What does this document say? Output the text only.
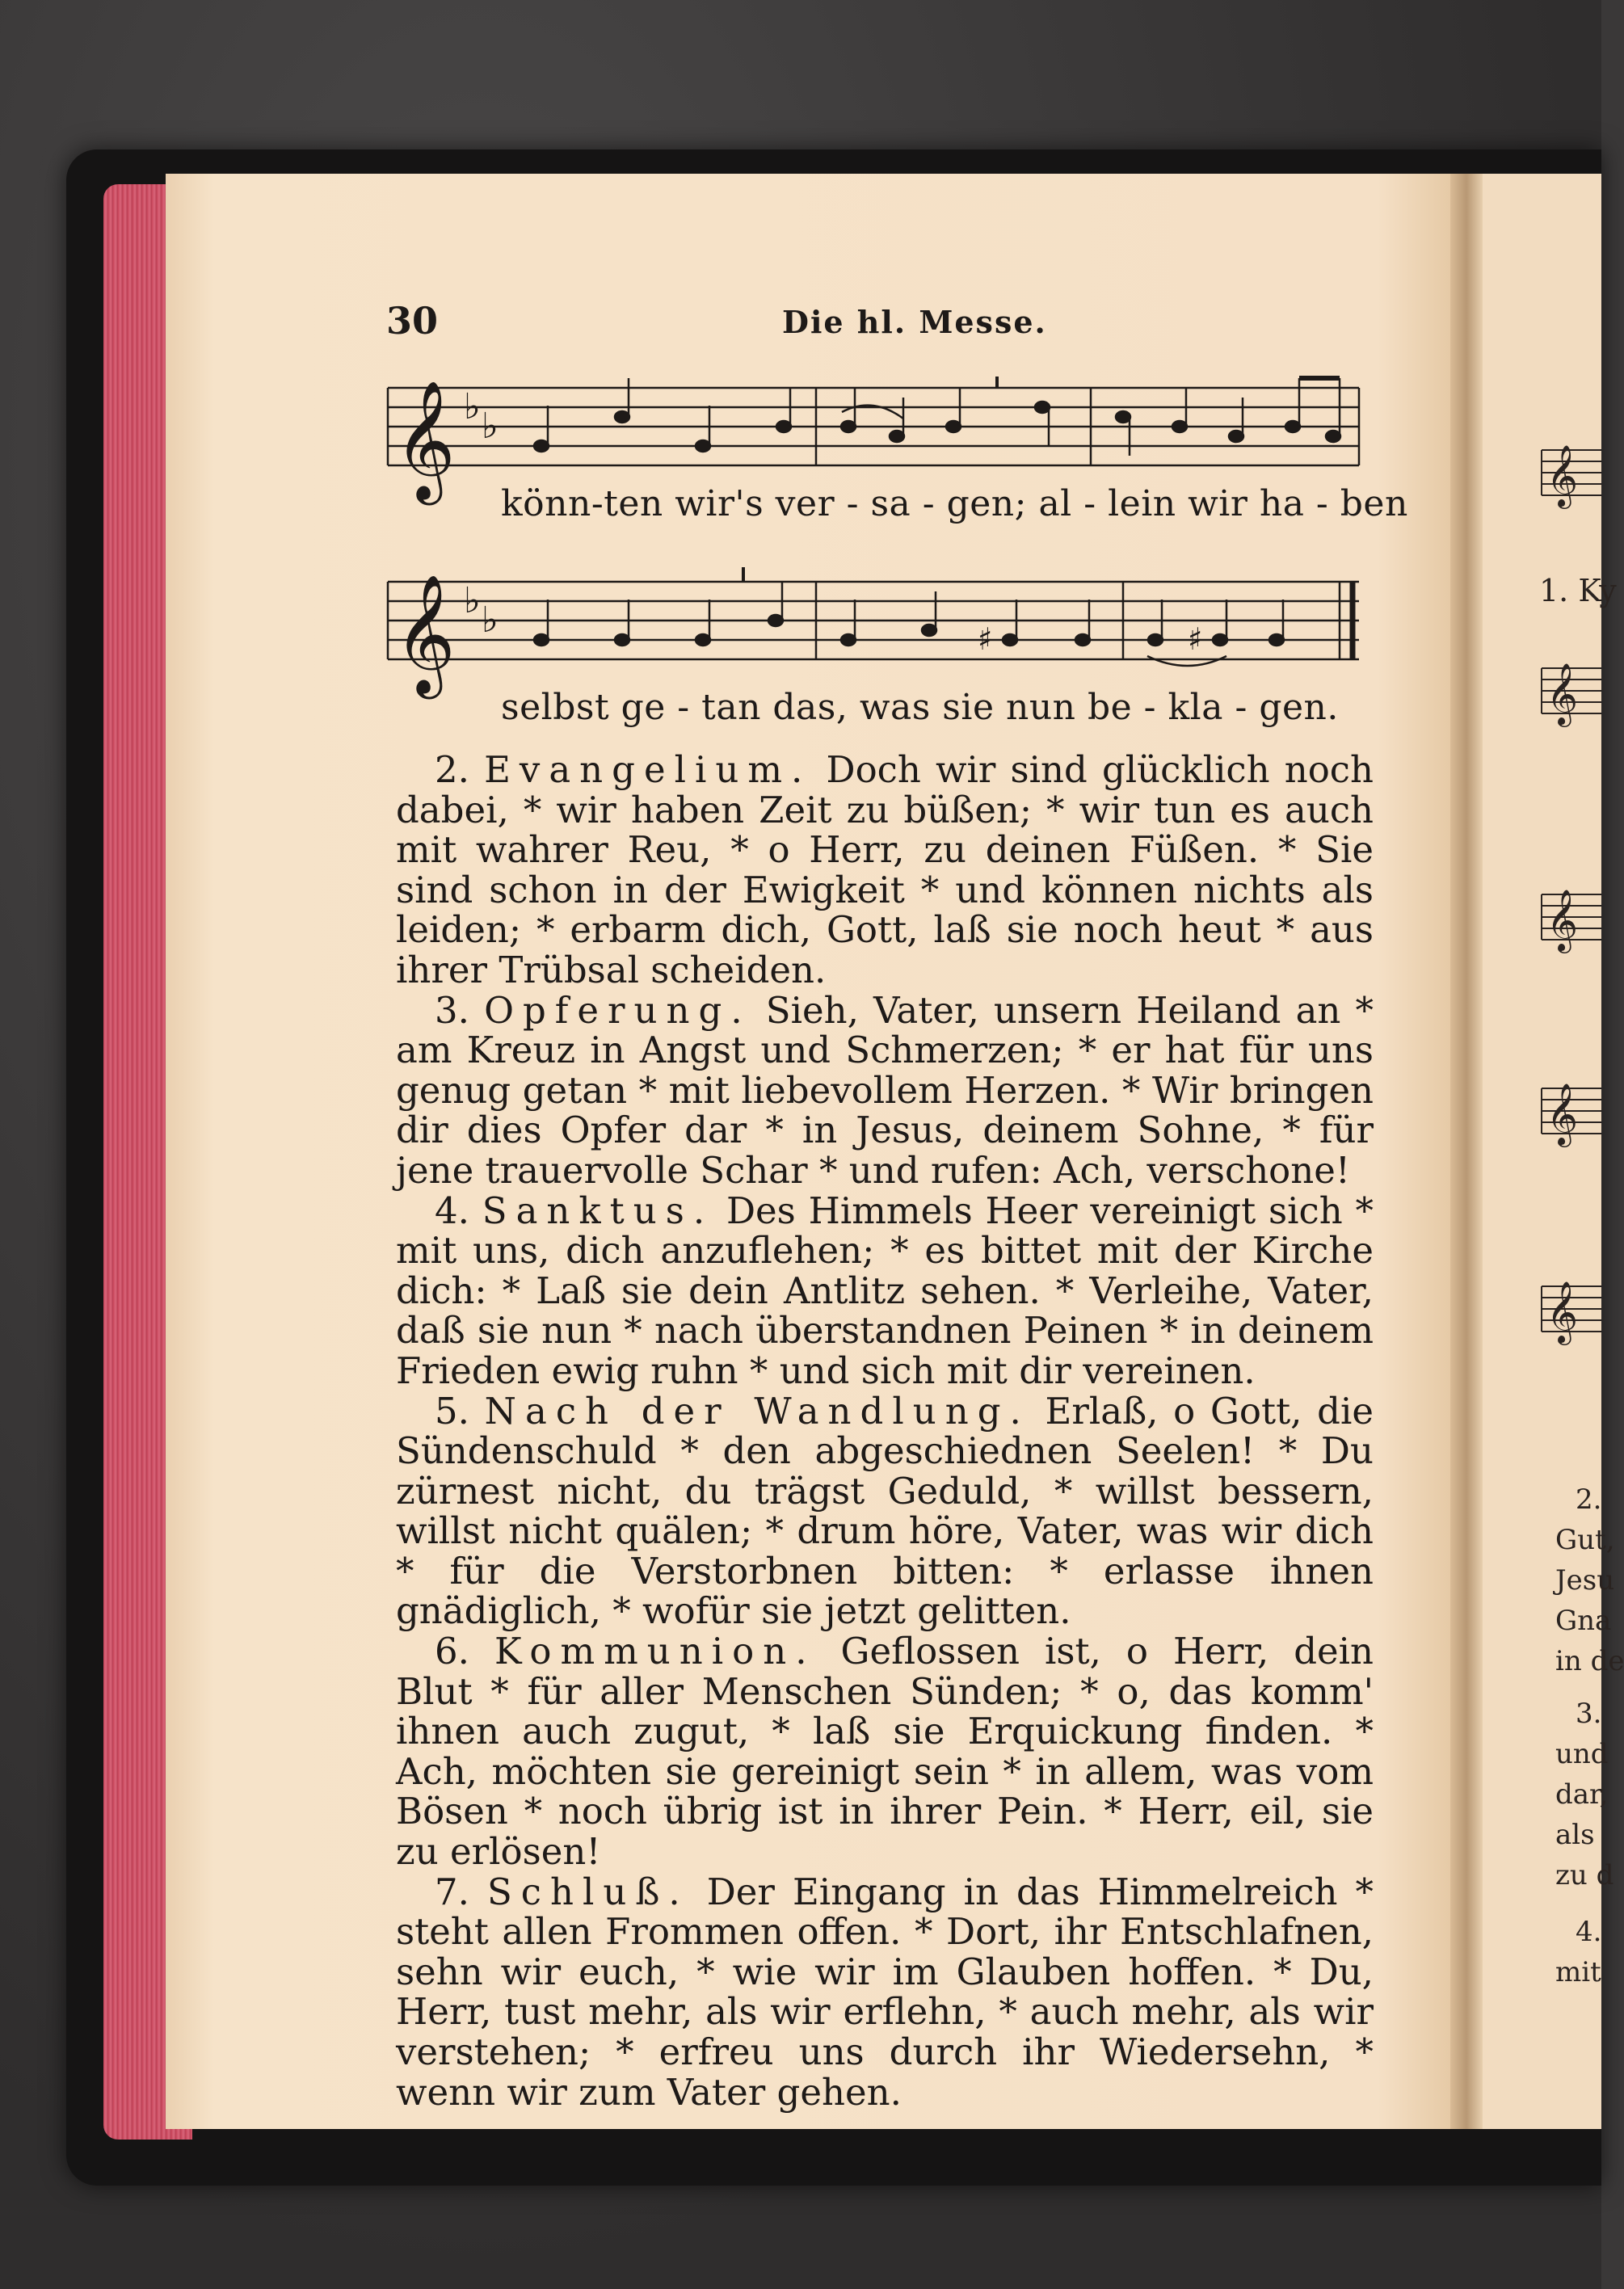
𝄞
𝄞
𝄞
𝄞
𝄞
1. Ky
2.
Gut,
Jesu
Gna
in de
3.
und
dar,
als
zu d
4.
mit
30	Die hl. Messe.
𝄞 ♭ ♭
könn-ten wir's ver - sa - gen; al - lein wir ha - ben
𝄞 ♭ ♭	♯	♯
selbst ge - tan das, was sie nun be - kla - gen.

2. Evangelium. Doch wir sind glücklich noch dabei, * wir haben Zeit zu büßen; * wir tun es auch mit wahrer Reu, * o Herr, zu deinen Füßen. * Sie sind schon in der Ewigkeit * und können nichts als leiden; * erbarm dich, Gott, laß sie noch heut * aus ihrer Trübsal scheiden.

3. Opferung. Sieh, Vater, unsern Heiland an * am Kreuz in Angst und Schmerzen; * er hat für uns genug getan * mit liebevollem Herzen. * Wir bringen dir dies Opfer dar * in Jesus, deinem Sohne, * für jene trauervolle Schar * und rufen: Ach, verschone!

4. Sanktus. Des Himmels Heer vereinigt sich * mit uns, dich anzuflehen; * es bittet mit der Kirche dich: * Laß sie dein Antlitz sehen. * Verleihe, Vater, daß sie nun * nach überstandnen Peinen * in deinem Frieden ewig ruhn * und sich mit dir vereinen.

5. Nach der Wandlung. Erlaß, o Gott, die Sündenschuld * den abgeschiednen Seelen! * Du zürnest nicht, du trägst Geduld, * willst bessern, willst nicht quälen; * drum höre, Vater, was wir dich * für die Verstorbnen bitten: * erlasse ihnen gnädiglich, * wofür sie jetzt gelitten.

6. Kommunion. Geflossen ist, o Herr, dein Blut * für aller Menschen Sünden; * o, das komm' ihnen auch zugut, * laß sie Erquickung finden. * Ach, möchten sie gereinigt sein * in allem, was vom Bösen * noch übrig ist in ihrer Pein. * Herr, eil, sie zu erlösen!

7. Schluß. Der Eingang in das Himmelreich * steht allen Frommen offen. * Dort, ihr Entschlafnen, sehn wir euch, * wie wir im Glauben hoffen. * Du, Herr, tust mehr, als wir erflehn, * auch mehr, als wir verstehen; * erfreu uns durch ihr Wiedersehn, * wenn wir zum Vater gehen.
